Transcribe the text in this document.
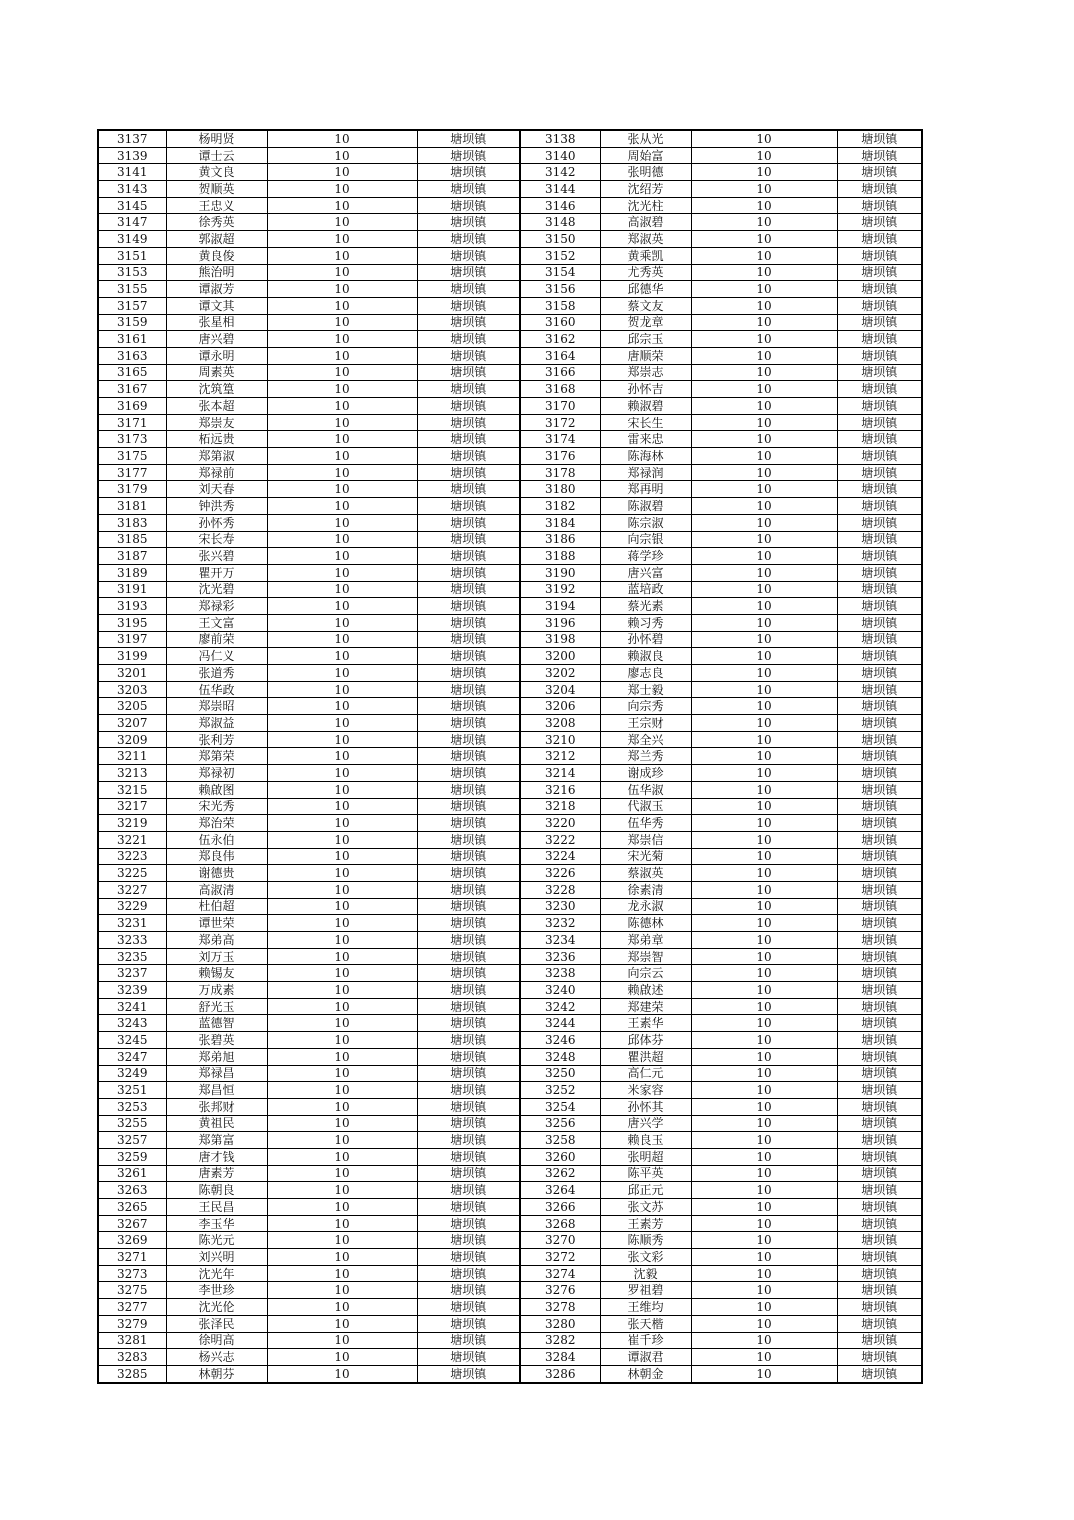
3137	杨明贤	10	塘坝镇	3138	张从光	10	塘坝镇
3139	谭士云	10	塘坝镇	3140	周始富	10	塘坝镇
3141	黄文良	10	塘坝镇	3142	张明德	10	塘坝镇
3143	贺顺英	10	塘坝镇	3144	沈绍芳	10	塘坝镇
3145	王忠义	10	塘坝镇	3146	沈光柱	10	塘坝镇
3147	徐秀英	10	塘坝镇	3148	高淑碧	10	塘坝镇
3149	郭淑超	10	塘坝镇	3150	郑淑英	10	塘坝镇
3151	黄良俊	10	塘坝镇	3152	黄乘凯	10	塘坝镇
3153	熊治明	10	塘坝镇	3154	尤秀英	10	塘坝镇
3155	谭淑芳	10	塘坝镇	3156	邱德华	10	塘坝镇
3157	谭文其	10	塘坝镇	3158	蔡文友	10	塘坝镇
3159	张星相	10	塘坝镇	3160	贺龙章	10	塘坝镇
3161	唐兴碧	10	塘坝镇	3162	邱宗玉	10	塘坝镇
3163	谭永明	10	塘坝镇	3164	唐顺荣	10	塘坝镇
3165	周素英	10	塘坝镇	3166	郑崇志	10	塘坝镇
3167	沈筑篁	10	塘坝镇	3168	孙怀吉	10	塘坝镇
3169	张本超	10	塘坝镇	3170	赖淑碧	10	塘坝镇
3171	郑崇友	10	塘坝镇	3172	宋长生	10	塘坝镇
3173	柘远贵	10	塘坝镇	3174	雷来忠	10	塘坝镇
3175	郑第淑	10	塘坝镇	3176	陈海林	10	塘坝镇
3177	郑禄前	10	塘坝镇	3178	郑禄润	10	塘坝镇
3179	刘天春	10	塘坝镇	3180	郑再明	10	塘坝镇
3181	钟洪秀	10	塘坝镇	3182	陈淑碧	10	塘坝镇
3183	孙怀秀	10	塘坝镇	3184	陈宗淑	10	塘坝镇
3185	宋长寿	10	塘坝镇	3186	向宗银	10	塘坝镇
3187	张兴碧	10	塘坝镇	3188	蒋学珍	10	塘坝镇
3189	瞿开万	10	塘坝镇	3190	唐兴富	10	塘坝镇
3191	沈光碧	10	塘坝镇	3192	蓝培政	10	塘坝镇
3193	郑禄彩	10	塘坝镇	3194	蔡光素	10	塘坝镇
3195	王文富	10	塘坝镇	3196	赖习秀	10	塘坝镇
3197	廖前荣	10	塘坝镇	3198	孙怀碧	10	塘坝镇
3199	冯仁义	10	塘坝镇	3200	赖淑良	10	塘坝镇
3201	张道秀	10	塘坝镇	3202	廖志良	10	塘坝镇
3203	伍华政	10	塘坝镇	3204	郑士毅	10	塘坝镇
3205	郑崇昭	10	塘坝镇	3206	向宗秀	10	塘坝镇
3207	郑淑益	10	塘坝镇	3208	王宗财	10	塘坝镇
3209	张利芳	10	塘坝镇	3210	郑全兴	10	塘坝镇
3211	郑第荣	10	塘坝镇	3212	郑兰秀	10	塘坝镇
3213	郑禄初	10	塘坝镇	3214	谢成珍	10	塘坝镇
3215	赖啟图	10	塘坝镇	3216	伍华淑	10	塘坝镇
3217	宋光秀	10	塘坝镇	3218	代淑玉	10	塘坝镇
3219	郑治荣	10	塘坝镇	3220	伍华秀	10	塘坝镇
3221	伍永伯	10	塘坝镇	3222	郑崇信	10	塘坝镇
3223	郑良伟	10	塘坝镇	3224	宋光菊	10	塘坝镇
3225	谢德贵	10	塘坝镇	3226	蔡淑英	10	塘坝镇
3227	高淑清	10	塘坝镇	3228	徐素清	10	塘坝镇
3229	杜伯超	10	塘坝镇	3230	龙永淑	10	塘坝镇
3231	谭世荣	10	塘坝镇	3232	陈德林	10	塘坝镇
3233	郑弟高	10	塘坝镇	3234	郑弟章	10	塘坝镇
3235	刘万玉	10	塘坝镇	3236	郑崇智	10	塘坝镇
3237	赖锡友	10	塘坝镇	3238	向宗云	10	塘坝镇
3239	万成素	10	塘坝镇	3240	赖啟述	10	塘坝镇
3241	舒光玉	10	塘坝镇	3242	郑建荣	10	塘坝镇
3243	蓝德智	10	塘坝镇	3244	王素华	10	塘坝镇
3245	张碧英	10	塘坝镇	3246	邱体芬	10	塘坝镇
3247	郑弟旭	10	塘坝镇	3248	瞿洪超	10	塘坝镇
3249	郑禄昌	10	塘坝镇	3250	高仁元	10	塘坝镇
3251	郑昌恒	10	塘坝镇	3252	米家容	10	塘坝镇
3253	张邦财	10	塘坝镇	3254	孙怀其	10	塘坝镇
3255	黄祖民	10	塘坝镇	3256	唐兴学	10	塘坝镇
3257	郑第富	10	塘坝镇	3258	赖良玉	10	塘坝镇
3259	唐才钱	10	塘坝镇	3260	张明超	10	塘坝镇
3261	唐素芳	10	塘坝镇	3262	陈平英	10	塘坝镇
3263	陈朝良	10	塘坝镇	3264	邱正元	10	塘坝镇
3265	王民昌	10	塘坝镇	3266	张文苏	10	塘坝镇
3267	李玉华	10	塘坝镇	3268	王素芳	10	塘坝镇
3269	陈光元	10	塘坝镇	3270	陈顺秀	10	塘坝镇
3271	刘兴明	10	塘坝镇	3272	张文彩	10	塘坝镇
3273	沈光年	10	塘坝镇	3274	沈毅	10	塘坝镇
3275	李世珍	10	塘坝镇	3276	罗祖碧	10	塘坝镇
3277	沈光伦	10	塘坝镇	3278	王维均	10	塘坝镇
3279	张泽民	10	塘坝镇	3280	张天楷	10	塘坝镇
3281	徐明高	10	塘坝镇	3282	崔千珍	10	塘坝镇
3283	杨兴志	10	塘坝镇	3284	谭淑君	10	塘坝镇
3285	林朝芬	10	塘坝镇	3286	林朝金	10	塘坝镇
